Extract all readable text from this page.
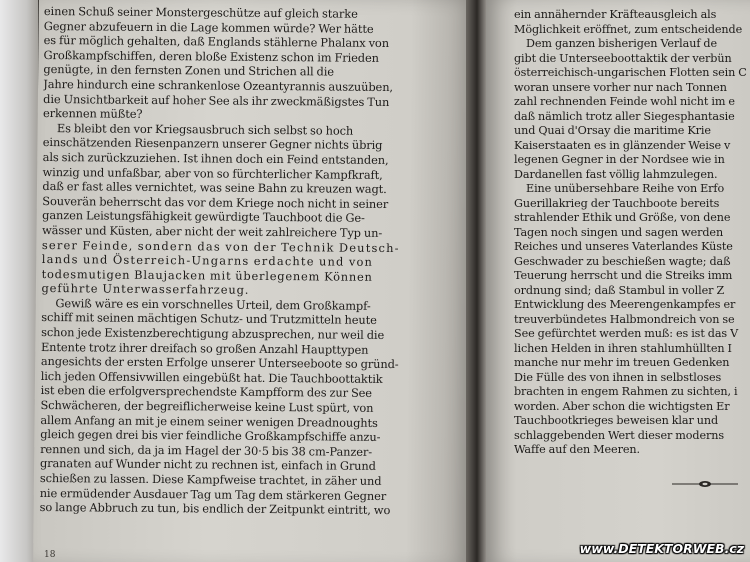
einen Schuß seiner Monstergeschütze auf gleich starke

Gegner abzufeuern in die Lage kommen würde? Wer hätte

es für möglich gehalten, daß Englands stählerne Phalanx von

Großkampfschiffen, deren bloße Existenz schon im Frieden

genügte, in den fernsten Zonen und Strichen all die

Jahre hindurch eine schrankenlose Ozeantyrannis auszuüben,

die Unsichtbarkeit auf hoher See als ihr zweckmäßigstes Tun

erkennen müßte?

Es bleibt den vor Kriegsausbruch sich selbst so hoch

einschätzenden Riesenpanzern unserer Gegner nichts übrig

als sich zurückzuziehen. Ist ihnen doch ein Feind entstanden,

winzig und unfaßbar, aber von so fürchterlicher Kampfkraft,

daß er fast alles vernichtet, was seine Bahn zu kreuzen wagt.

Souverän beherrscht das vor dem Kriege noch nicht in seiner

ganzen Leistungsfähigkeit gewürdigte Tauchboot die Ge-

wässer und Küsten, aber nicht der weit zahlreichere Typ un-

serer Feinde, sondern das von der Technik Deutsch-

lands und Österreich-Ungarns erdachte und von

todesmutigen Blaujacken mit überlegenem Können

geführte Unterwasserfahrzeug.

Gewiß wäre es ein vorschnelles Urteil, dem Großkampf-

schiff mit seinen mächtigen Schutz- und Trutzmitteln heute

schon jede Existenzberechtigung abzusprechen, nur weil die

Entente trotz ihrer dreifach so großen Anzahl Haupttypen

angesichts der ersten Erfolge unserer Unterseeboote so gründ-

lich jeden Offensivwillen eingebüßt hat. Die Tauchboottaktik

ist eben die erfolgversprechendste Kampfform des zur See

Schwächeren, der begreiflicherweise keine Lust spürt, von

allem Anfang an mit je einem seiner wenigen Dreadnoughts

gleich gegen drei bis vier feindliche Großkampfschiffe anzu-

rennen und sich, da ja im Hagel der 30·5 bis 38 cm-Panzer-

granaten auf Wunder nicht zu rechnen ist, einfach in Grund

schießen zu lassen. Diese Kampfweise trachtet, in zäher und

nie ermüdender Ausdauer Tag um Tag dem stärkeren Gegner

so lange Abbruch zu tun, bis endlich der Zeitpunkt eintritt, wo

18

ein annähernder Kräfteausgleich als

Möglichkeit eröffnet, zum entscheidende

Dem ganzen bisherigen Verlauf de

gibt die Unterseeboottaktik der verbün

österreichisch-ungarischen Flotten sein C

woran unsere vorher nur nach Tonnen

zahl rechnenden Feinde wohl nicht im e

daß nämlich trotz aller Siegesphantasie

und Quai d'Orsay die maritime Krie

Kaiserstaaten es in glänzender Weise v

legenen Gegner in der Nordsee wie in

Dardanellen fast völlig lahmzulegen.

Eine unübersehbare Reihe von Erfo

Guerillakrieg der Tauchboote bereits

strahlender Ethik und Größe, von dene

Tagen noch singen und sagen werden

Reiches und unseres Vaterlandes Küste

Geschwader zu beschießen wagte; daß

Teuerung herrscht und die Streiks imm

ordnung sind; daß Stambul in voller Z

Entwicklung des Meerengenkampfes er

treuverbündetes Halbmondreich von se

See gefürchtet werden muß: es ist das V

lichen Helden in ihren stahlumhüllten I

manche nur mehr im treuen Gedenken

Die Fülle des von ihnen in selbstloses

brachten in engem Rahmen zu sichten, i

worden. Aber schon die wichtigsten Er

Tauchbootkrieges beweisen klar und

schlaggebenden Wert dieser moderns

Waffe auf den Meeren.

www.DETEKTORWEB.cz
